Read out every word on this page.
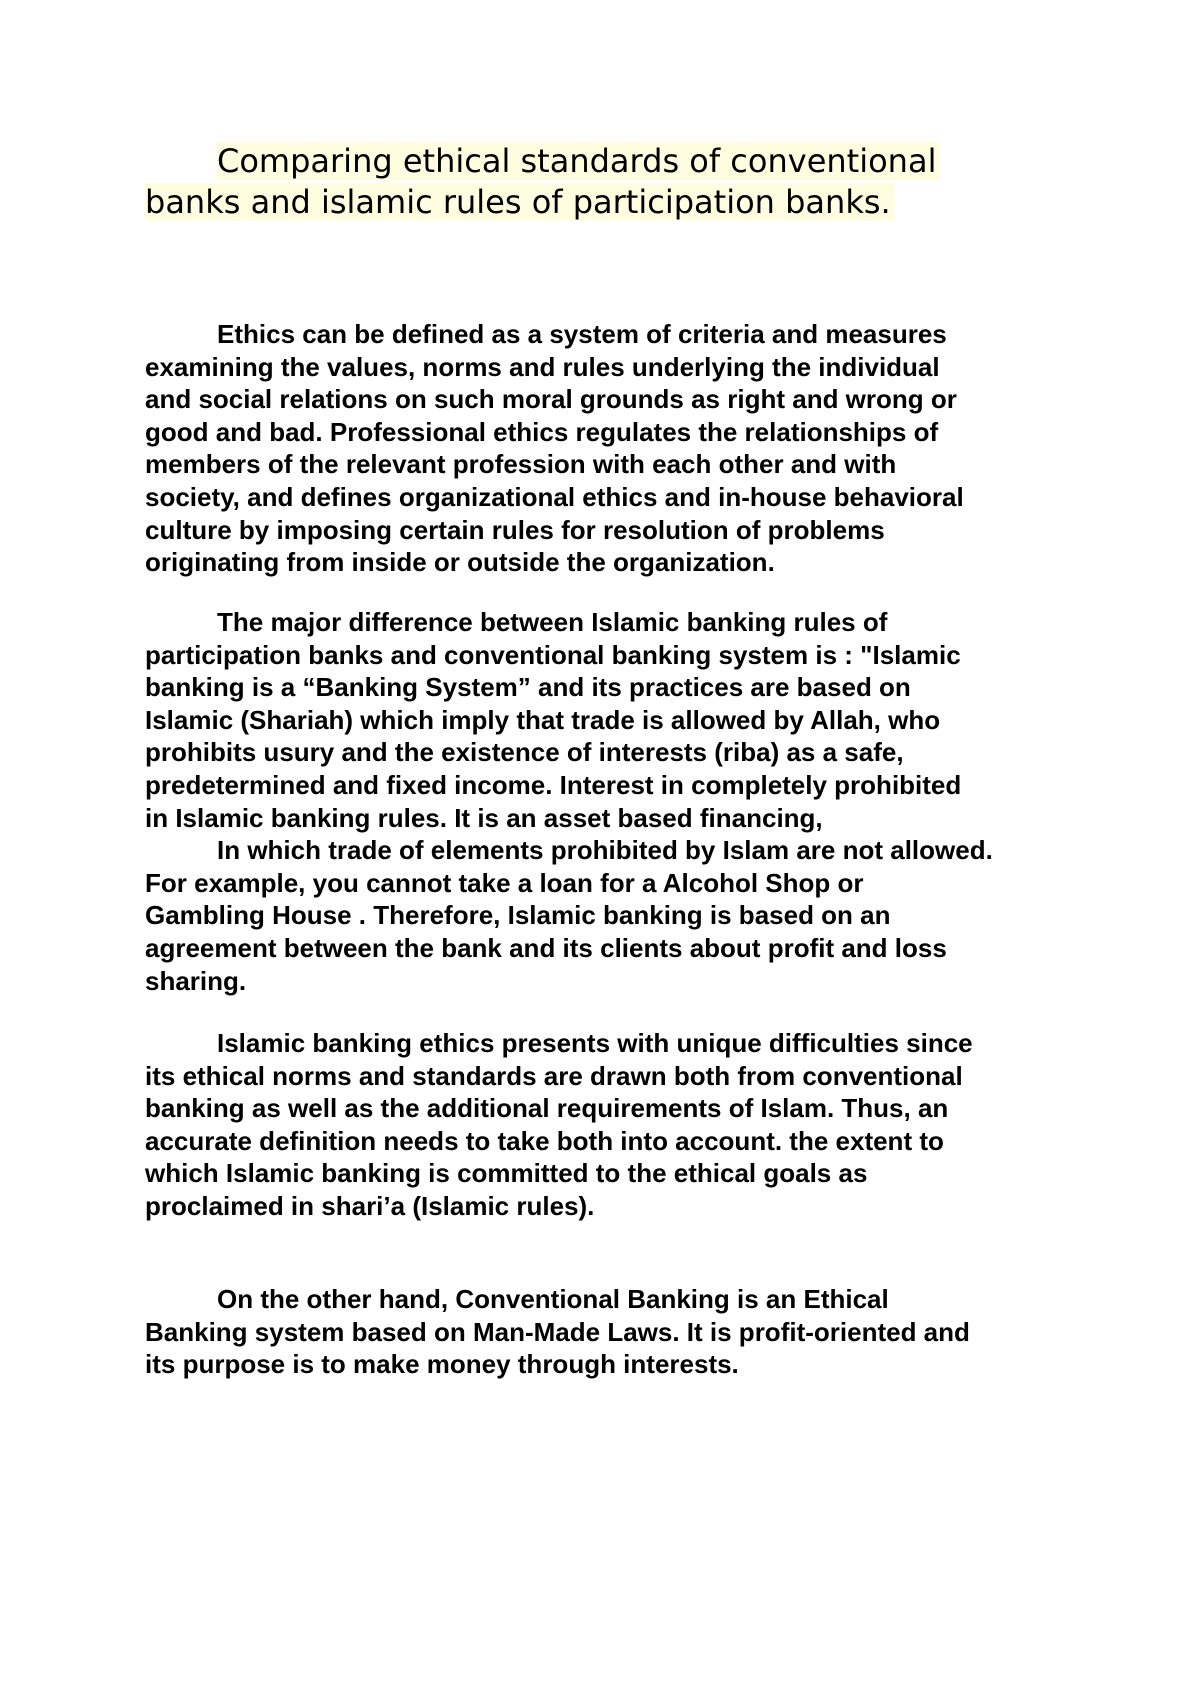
Comparing ethical standards of conventional
banks and islamic rules of participation banks.
Ethics can be defined as a system of criteria and measures
examining the values, norms and rules underlying the individual
and social relations on such moral grounds as right and wrong or
good and bad. Professional ethics regulates the relationships of
members of the relevant profession with each other and with
society, and defines organizational ethics and in-house behavioral
culture by imposing certain rules for resolution of problems
originating from inside or outside the organization.
The major difference between Islamic banking rules of
participation banks and conventional banking system is : "Islamic
banking is a “Banking System” and its practices are based on
Islamic (Shariah) which imply that trade is allowed by Allah, who
prohibits usury and the existence of interests (riba) as a safe,
predetermined and fixed income. Interest in completely prohibited
in Islamic banking rules. It is an asset based financing,
In which trade of elements prohibited by Islam are not allowed.
For example, you cannot take a loan for a Alcohol Shop or
Gambling House . Therefore, Islamic banking is based on an
agreement between the bank and its clients about profit and loss
sharing.
Islamic banking ethics presents with unique difficulties since
its ethical norms and standards are drawn both from conventional
banking as well as the additional requirements of Islam. Thus, an
accurate definition needs to take both into account. the extent to
which Islamic banking is committed to the ethical goals as
proclaimed in shari’a (Islamic rules).
On the other hand, Conventional Banking is an Ethical
Banking system based on Man-Made Laws. It is profit-oriented and
its purpose is to make money through interests.
